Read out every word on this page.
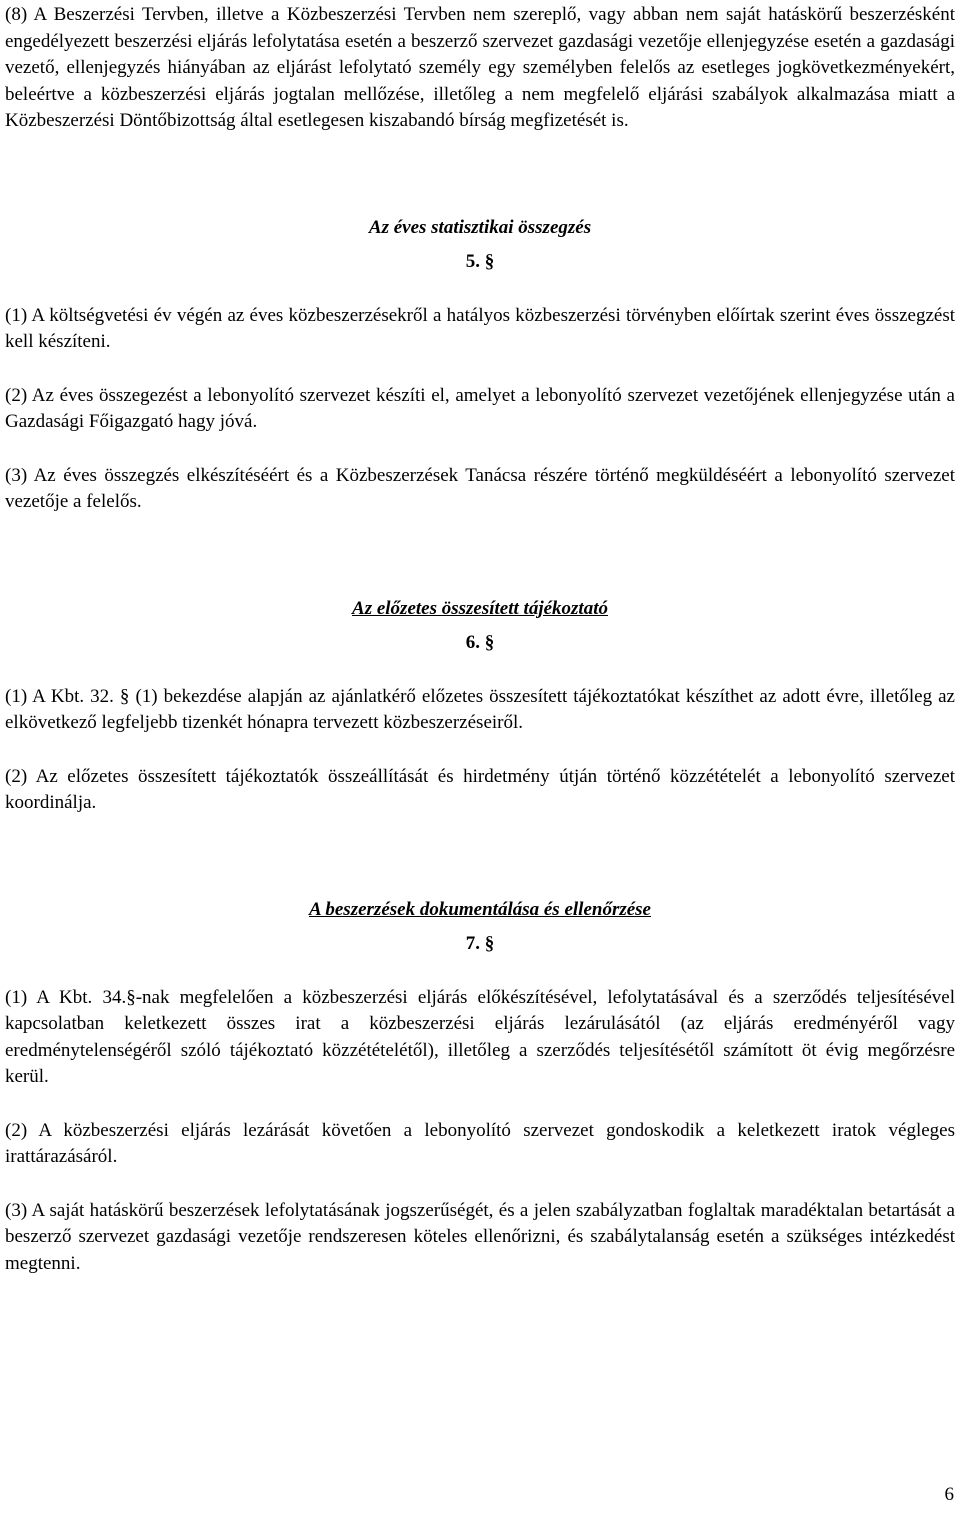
(8) A Beszerzési Tervben, illetve a Közbeszerzési Tervben nem szereplő, vagy abban nem saját hatáskörű beszerzésként engedélyezett beszerzési eljárás lefolytatása esetén a beszerző szervezet gazdasági vezetője ellenjegyzése esetén a gazdasági vezető, ellenjegyzés hiányában az eljárást lefolytató személy egy személyben felelős az esetleges jogkövetkezményekért, beleértve a közbeszerzési eljárás jogtalan mellőzése, illetőleg a nem megfelelő eljárási szabályok alkalmazása miatt a Közbeszerzési Döntőbizottság által esetlegesen kiszabandó bírság megfizetését is.

Az éves statisztikai összegzés

5. §

(1) A költségvetési év végén az éves közbeszerzésekről a hatályos közbeszerzési törvényben előírtak szerint éves összegzést kell készíteni.

(2) Az éves összegezést a lebonyolító szervezet készíti el, amelyet a lebonyolító szervezet vezetőjének ellenjegyzése után a Gazdasági Főigazgató hagy jóvá.

(3) Az éves összegzés elkészítéséért és a Közbeszerzések Tanácsa részére történő megküldéséért a lebonyolító szervezet vezetője a felelős.

Az előzetes összesített tájékoztató

6. §

(1) A Kbt. 32. § (1) bekezdése alapján az ajánlatkérő előzetes összesített tájékoztatókat készíthet az adott évre, illetőleg az elkövetkező legfeljebb tizenkét hónapra tervezett közbeszerzéseiről.

(2) Az előzetes összesített tájékoztatók összeállítását és hirdetmény útján történő közzétételét a lebonyolító szervezet koordinálja.

A beszerzések dokumentálása és ellenőrzése

7. §

(1) A Kbt. 34.§-nak megfelelően a közbeszerzési eljárás előkészítésével, lefolytatásával és a szerződés teljesítésével kapcsolatban keletkezett összes irat a közbeszerzési eljárás lezárulásától (az eljárás eredményéről vagy eredménytelenségéről szóló tájékoztató közzétételétől), illetőleg a szerződés teljesítésétől számított öt évig megőrzésre kerül.

(2) A közbeszerzési eljárás lezárását követően a lebonyolító szervezet gondoskodik a keletkezett iratok végleges irattárazásáról.

(3) A saját hatáskörű beszerzések lefolytatásának jogszerűségét, és a jelen szabályzatban foglaltak maradéktalan betartását a beszerző szervezet gazdasági vezetője rendszeresen köteles ellenőrizni, és szabálytalanság esetén a szükséges intézkedést megtenni.

6
